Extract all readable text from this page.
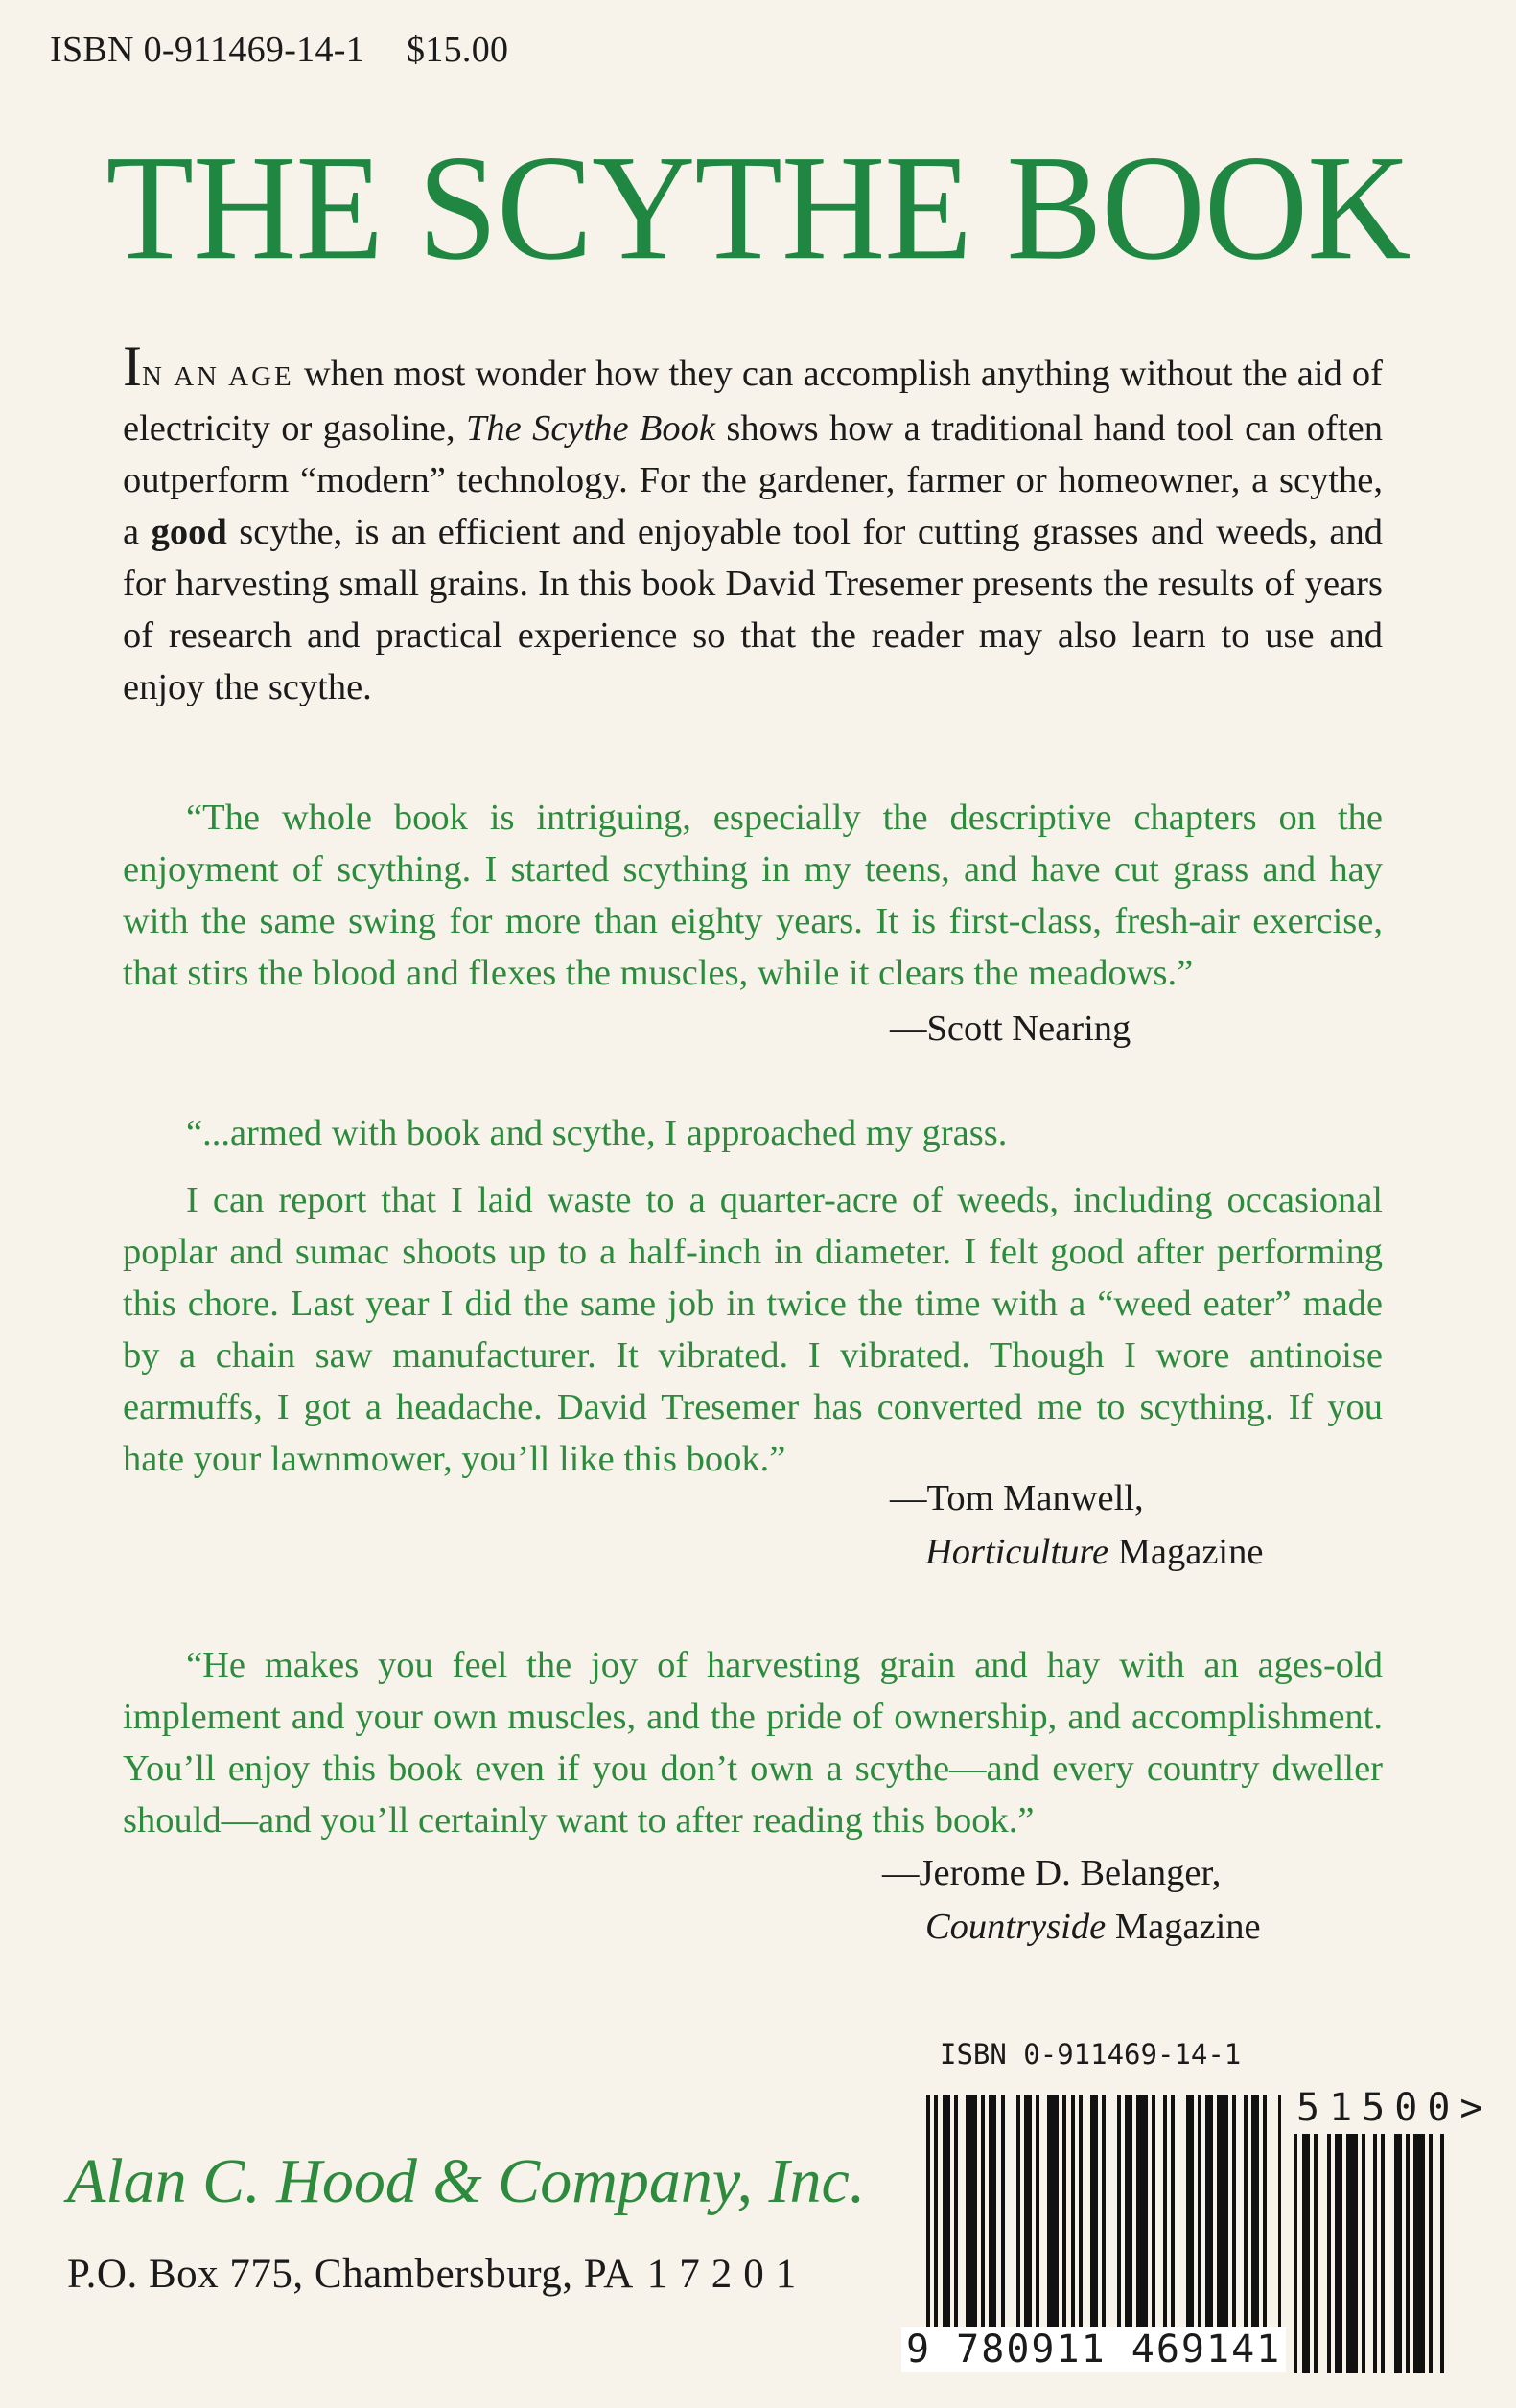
ISBN 0-911469-14-1 $15.00
THE SCYTHE BOOK
IN AN AGE when most wonder how they can accomplish anything without the aid of electricity or gasoline, The Scythe Book shows how a traditional hand tool can often outperform “modern” technology. For the gardener, farmer or homeowner, a scythe, a good scythe, is an efficient and enjoyable tool for cutting grasses and weeds, and for harvesting small grains. In this book David Tresemer presents the results of years of research and practical experience so that the reader may also learn to use and enjoy the scythe.
“The whole book is intriguing, especially the descriptive chapters on the enjoyment of scything. I started scything in my teens, and have cut grass and hay with the same swing for more than eighty years. It is first-class, fresh-air exercise, that stirs the blood and flexes the muscles, while it clears the meadows.”
—Scott Nearing
“...armed with book and scythe, I approached my grass.
I can report that I laid waste to a quarter-acre of weeds, including occasional poplar and sumac shoots up to a half-inch in diameter. I felt good after performing this chore. Last year I did the same job in twice the time with a “weed eater” made by a chain saw manufacturer. It vibrated. I vibrated. Though I wore antinoise earmuffs, I got a headache. David Tresemer has converted me to scything. If you hate your lawnmower, you’ll like this book.”
—Tom Manwell,
Horticulture Magazine
“He makes you feel the joy of harvesting grain and hay with an ages-old implement and your own muscles, and the pride of ownership, and accomplishment. You’ll enjoy this book even if you don’t own a scythe—and every country dweller should—and you’ll certainly want to after reading this book.”
—Jerome D. Belanger,
Countryside Magazine
Alan C. Hood & Company, Inc.
P.O. Box 775, Chambersburg, PA 17201
ISBN 0-911469-14-1
9 780911 469141
51500>
